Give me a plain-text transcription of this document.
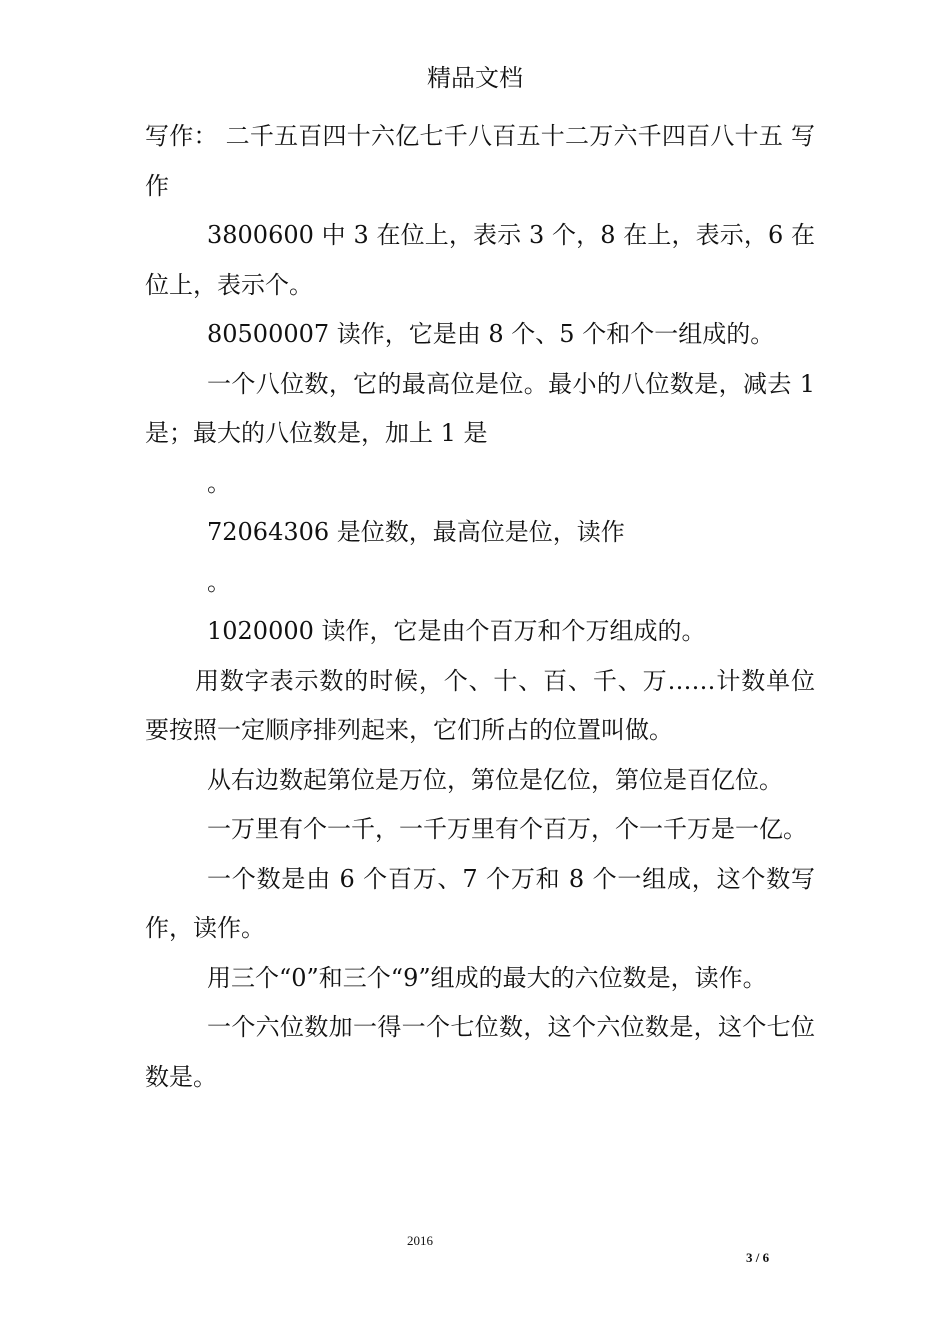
精品文档

写作： 二千五百四十六亿七千八百五十二万六千四百八十五 写作

3800600 中 3 在位上，表示 3 个，8 在上，表示，6 在位上，表示个。

80500007 读作，它是由 8 个、5 个和个一组成的。

一个八位数，它的最高位是位。最小的八位数是，减去 1 是；最大的八位数是，加上 1 是

。

72064306 是位数，最高位是位，读作

。

1020000 读作，它是由个百万和个万组成的。

用数字表示数的时候，个、十、百、千、万……计数单位要按照一定顺序排列起来，它们所占的位置叫做。

从右边数起第位是万位，第位是亿位，第位是百亿位。

一万里有个一千，一千万里有个百万，个一千万是一亿。

一个数是由 6 个百万、7 个万和 8 个一组成，这个数写作，读作。

用三个“0”和三个“9”组成的最大的六位数是，读作。

一个六位数加一得一个七位数，这个六位数是，这个七位数是。

2016
3 / 6
